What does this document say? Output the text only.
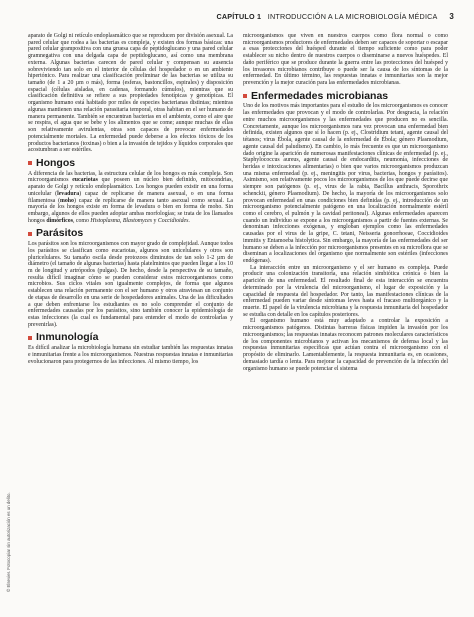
CAPÍTULO 1 INTRODUCCIÓN A LA MICROBIOLOGÍA MÉDICA 3

aparato de Golgi ni retículo endoplasmático que se reproducen por división asexual. La pared celular que rodea a las bacterias es compleja, y existen dos formas básicas: una pared celular grampositiva con una gruesa capa de peptidoglucano y una pared celular gramnegativa con una delgada capa de peptidoglucano, así como una membrana externa. Algunas bacterias carecen de pared celular y compensan su ausencia sobreviviendo tan solo en el interior de células del hospedador o en un ambiente hipertónico. Para realizar una clasificación preliminar de las bacterias se utiliza su tamaño (de 1 a 20 µm o más), forma (esferas, bastoncillos, espirales) y disposición espacial (células aisladas, en cadenas, formando cúmulos), mientras que su clasificación definitiva se refiere a sus propiedades fenotípicas y genotípicas. El organismo humano está habitado por miles de especies bacterianas distintas; mientras algunas mantienen una relación parasitaria temporal, otras habitan en el ser humano de manera permanente. También se encuentran bacterias en el ambiente, como el aire que se respira, el agua que se bebe y los alimentos que se come; aunque muchas de ellas son relativamente avirulentas, otras son capaces de provocar enfermedades potencialmente mortales. La enfermedad puede deberse a los efectos tóxicos de los productos bacterianos (toxinas) o bien a la invasión de tejidos y líquidos corporales que acostumbran a ser estériles.

Hongos

A diferencia de las bacterias, la estructura celular de los hongos es más compleja. Son microorganismos eucariotas que poseen un núcleo bien definido, mitocondrias, aparato de Golgi y retículo endoplasmático. Los hongos pueden existir en una forma unicelular (levadura) capaz de replicarse de manera asexual, o en una forma filamentosa (moho) capaz de replicarse de manera tanto asexual como sexual. La mayoría de los hongos existe en forma de levadura o bien en forma de moho. Sin embargo, algunos de ellos pueden adoptar ambas morfologías; se trata de los llamados hongos dimórficos, como Histoplasma, Blastomyces y Coccidioides.

Parásitos

Los parásitos son los microorganismos con mayor grado de complejidad. Aunque todos los parásitos se clasifican como eucariotas, algunos son unicelulares y otros son pluricelulares. Su tamaño oscila desde protozoos diminutos de tan solo 1-2 µm de diámetro (el tamaño de algunas bacterias) hasta platelmintos que pueden llegar a los 10 m de longitud y artrópodos (pulgas). De hecho, desde la perspectiva de su tamaño, resulta difícil imaginar cómo se pueden considerar estos microorganismos como microbios. Sus ciclos vitales son igualmente complejos, de forma que algunos establecen una relación permanente con el ser humano y otros atraviesan un conjunto de etapas de desarrollo en una serie de hospedadores animales. Una de las dificultades a que deben enfrentarse los estudiantes es no solo comprender el conjunto de enfermedades causadas por los parásitos, sino también conocer la epidemiología de estas infecciones (la cual es fundamental para entender el modo de controlarlas y prevenirlas).

Inmunología

Es difícil analizar la microbiología humana sin estudiar también las respuestas innatas e inmunitarias frente a los microorganismos. Nuestras respuestas innatas e inmunitarias evolucionaron para protegernos de las infecciones. Al mismo tiempo, los

microorganismos que viven en nuestros cuerpos como flora normal o como microorganismos productores de enfermedades deben ser capaces de soportar o escapar a esas protecciones del huésped durante el tiempo suficiente como para poder establecer su nicho dentro de nuestros cuerpos o diseminarse a nuevos huéspedes. El daño periférico que se produce durante la guerra entre las protecciones del huésped y los invasores microbianos contribuye o puede ser la causa de los síntomas de la enfermedad. En último término, las respuestas innatas e inmunitarias son la mejor prevención y la mejor curación para las enfermedades microbianas.

Enfermedades microbianas

Uno de los motivos más importantes para el estudio de los microorganismos es conocer las enfermedades que provocan y el modo de controlarlas. Por desgracia, la relación entre muchos microorganismos y las enfermedades que producen no es sencilla. Concretamente, aunque los microorganismos rara vez provocan una enfermedad bien definida, existen algunos que sí lo hacen (p. ej., Clostridium tetani, agente causal del tétanos; virus Ébola, agente causal de la enfermedad de Ébola; género Plasmodium, agente causal del paludismo). En cambio, lo más frecuente es que un microorganismo dado origine la aparición de numerosas manifestaciones clínicas de enfermedad (p. ej., Staphylococcus aureus, agente causal de endocarditis, neumonía, infecciones de heridas e intoxicaciones alimentarias) o bien que varios microorganismos produzcan una misma enfermedad (p. ej., meningitis por virus, bacterias, hongos y parásitos). Asimismo, son relativamente pocos los microorganismos de los que puede decirse que siempre son patógenos (p. ej., virus de la rabia, Bacillus anthracis, Sporothrix schenckii, género Plasmodium). De hecho, la mayoría de los microorganismos solo provocan enfermedad en unas condiciones bien definidas (p. ej., introducción de un microorganismo potencialmente patógeno en una localización normalmente estéril como el cerebro, el pulmón y la cavidad peritoneal). Algunas enfermedades aparecen cuando un individuo se expone a los microorganismos a partir de fuentes externas. Se denominan infecciones exógenas, y engloban ejemplos como las enfermedades causadas por el virus de la gripe, C. tetani, Neisseria gonorrhoeae, Coccidioides immitis y Entamoeba histolytica. Sin embargo, la mayoría de las enfermedades del ser humano se deben a la infección por microorganismos presentes en su microflora que se diseminan a localizaciones del organismo que normalmente son estériles (infecciones endógenas).

La interacción entre un microorganismo y el ser humano es compleja. Puede producir una colonización transitoria, una relación simbiótica crónica o bien la aparición de una enfermedad. El resultado final de esta interacción se encuentra determinado por la virulencia del microorganismo, el lugar de exposición y la capacidad de respuesta del hospedador. Por tanto, las manifestaciones clínicas de la enfermedad pueden variar desde síntomas leves hasta el fracaso multiorgánico y la muerte. El papel de la virulencia microbiana y la respuesta inmunitaria del hospedador se estudia con detalle en los capítulos posteriores.

El organismo humano está muy adaptado a controlar la exposición a microorganismos patógenos. Distintas barreras físicas impiden la invasión por los microorganismos; las respuestas innatas reconocen patrones moleculares característicos de los componentes microbianos y activan los mecanismos de defensa local y las respuestas inmunitarias específicas que actúan contra el microorganismo con el propósito de eliminarlo. Lamentablemente, la respuesta inmunitaria es, en ocasiones, demasiado tardía o lenta. Para mejorar la capacidad de prevención de la infección del organismo humano se puede potenciar el sistema

© Elsevier. Fotocopiar sin autorización es un delito.
